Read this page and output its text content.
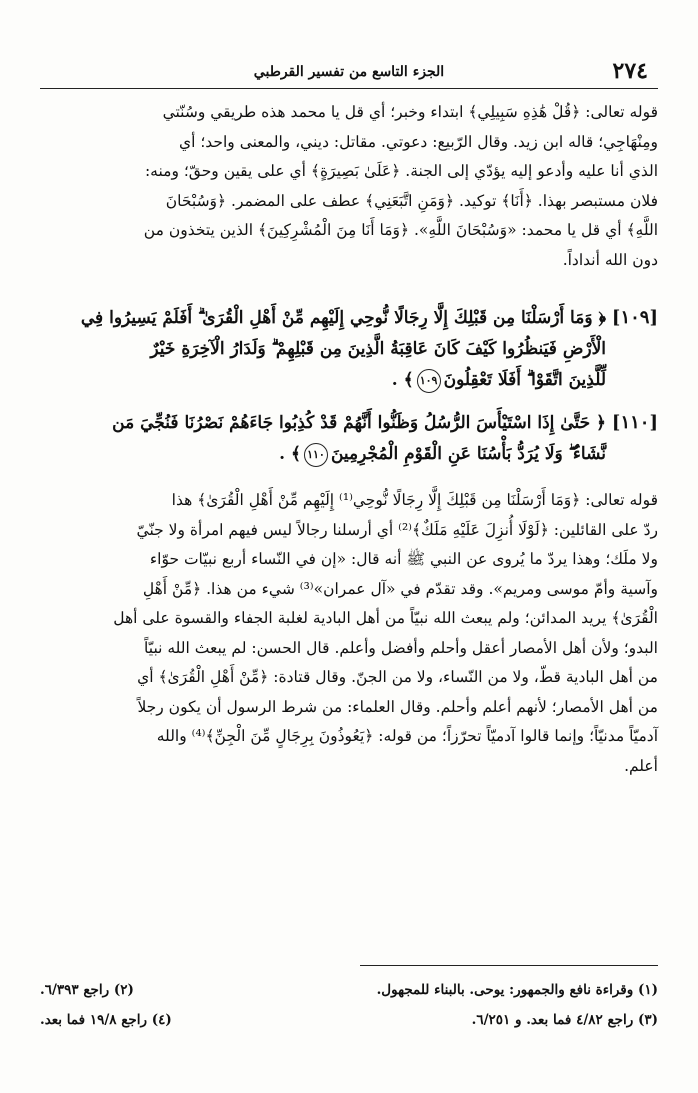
٢٧٤
الجزء التاسع من تفسير القرطبي

قوله تعالى: ﴿قُلْ هَٰذِهِ سَبِيلِي﴾ ابتداء وخبر؛ أي قل يا محمد هذه طريقي وسُنّتي

ومِنْهَاجِي؛ قاله ابن زيد. وقال الرّبيع: دعوتي. مقاتل: ديني، والمعنى واحد؛ أي

الذي أنا عليه وأدعو إليه يؤدّي إلى الجنة. ﴿عَلَىٰ بَصِيرَةٍ﴾ أي على يقين وحقّ؛ ومنه:

فلان مستبصر بهذا. ﴿أَنَا﴾ توكيد. ﴿وَمَنِ اتَّبَعَنِي﴾ عطف على المضمر. ﴿وَسُبْحَانَ

اللَّهِ﴾ أي قل يا محمد: «وَسُبْحَانَ اللَّهِ». ﴿وَمَا أَنَا مِنَ الْمُشْرِكِينَ﴾ الذين يتخذون من

دون الله أنداداً.

[١٠٩]

﴿ وَمَا أَرْسَلْنَا مِن قَبْلِكَ إِلَّا رِجَالًا نُّوحِي إِلَيْهِم مِّنْ أَهْلِ الْقُرَىٰ ۗ أَفَلَمْ يَسِيرُوا فِي

الْأَرْضِ فَيَنظُرُوا كَيْفَ كَانَ عَاقِبَةُ الَّذِينَ مِن قَبْلِهِمْ ۗ وَلَدَارُ الْآخِرَةِ خَيْرٌ

لِّلَّذِينَ اتَّقَوْا ۗ أَفَلَا تَعْقِلُونَ١٠٩﴾ .

[١١٠]

﴿ حَتَّىٰ إِذَا اسْتَيْأَسَ الرُّسُلُ وَظَنُّوا أَنَّهُمْ قَدْ كُذِبُوا جَاءَهُمْ نَصْرُنَا فَنُجِّيَ مَن

نَّشَاءُ ۖ وَلَا يُرَدُّ بَأْسُنَا عَنِ الْقَوْمِ الْمُجْرِمِينَ١١٠﴾ .

قوله تعالى: ﴿وَمَا أَرْسَلْنَا مِن قَبْلِكَ إِلَّا رِجَالًا نُّوحِي⁽¹⁾ إِلَيْهِم مِّنْ أَهْلِ الْقُرَىٰ﴾ هذا

ردّ على القائلين: ﴿لَوْلَا أُنزِلَ عَلَيْهِ مَلَكٌ﴾⁽²⁾ أي أرسلنا رجالاً ليس فيهم امرأة ولا جنّيّ

ولا ملَك؛ وهذا يردّ ما يُروى عن النبي ﷺ أنه قال: «إن في النّساء أربع نبيّات حوّاء

وآسية وأمّ موسى ومريم». وقد تقدّم في «آل عمران»⁽³⁾ شيء من هذا. ﴿مِّنْ أَهْلِ

الْقُرَىٰ﴾ يريد المدائن؛ ولم يبعث الله نبيّاً من أهل البادية لغلبة الجفاء والقسوة على أهل

البدو؛ ولأن أهل الأمصار أعقل وأحلم وأفضل وأعلم. قال الحسن: لم يبعث الله نبيّاً

من أهل البادية قطّ، ولا من النّساء، ولا من الجنّ. وقال قتادة: ﴿مِّنْ أَهْلِ الْقُرَىٰ﴾ أي

من أهل الأمصار؛ لأنهم أعلم وأحلم. وقال العلماء: من شرط الرسول أن يكون رجلاً

آدميّاً مدنيّاً؛ وإنما قالوا آدميّاً تحرّزاً؛ من قوله: ﴿يَعُوذُونَ بِرِجَالٍ مِّنَ الْجِنِّ﴾⁽⁴⁾ والله

أعلم.

(١) وقراءة نافع والجمهور: يوحى. بالبناء للمجهول.
(٢) راجع ٦/٣٩٣.
(٣) راجع ٤/٨٢ فما بعد. و ٦/٢٥١.
(٤) راجع ١٩/٨ فما بعد.
